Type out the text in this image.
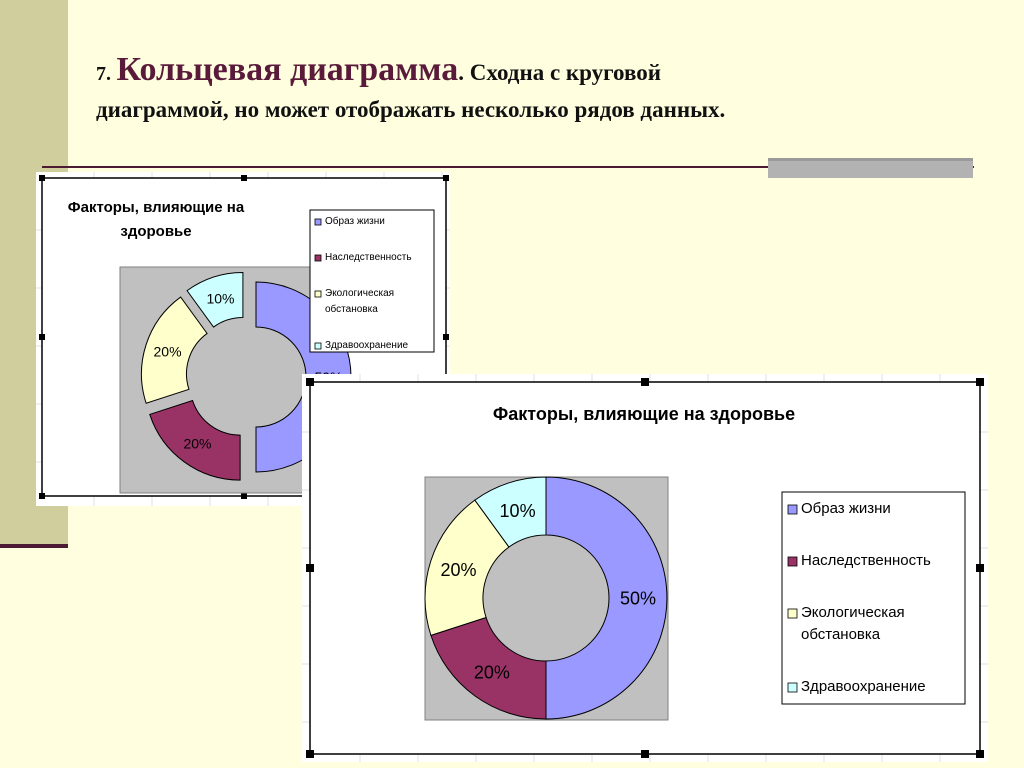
7. Кольцевая диаграмма. Сходна с круговой
диаграммой, но может отображать несколько рядов данных.
Факторы, влияющие на
здоровье
20%
20%
10%
Образ жизни
Наследственность
Экологическая
обстановка
Здравоохранение
Факторы, влияющие на здоровье
50%
20%
20%
10%	Образ жизни
Наследственность
Экологическая
обстановка
Здравоохранение
